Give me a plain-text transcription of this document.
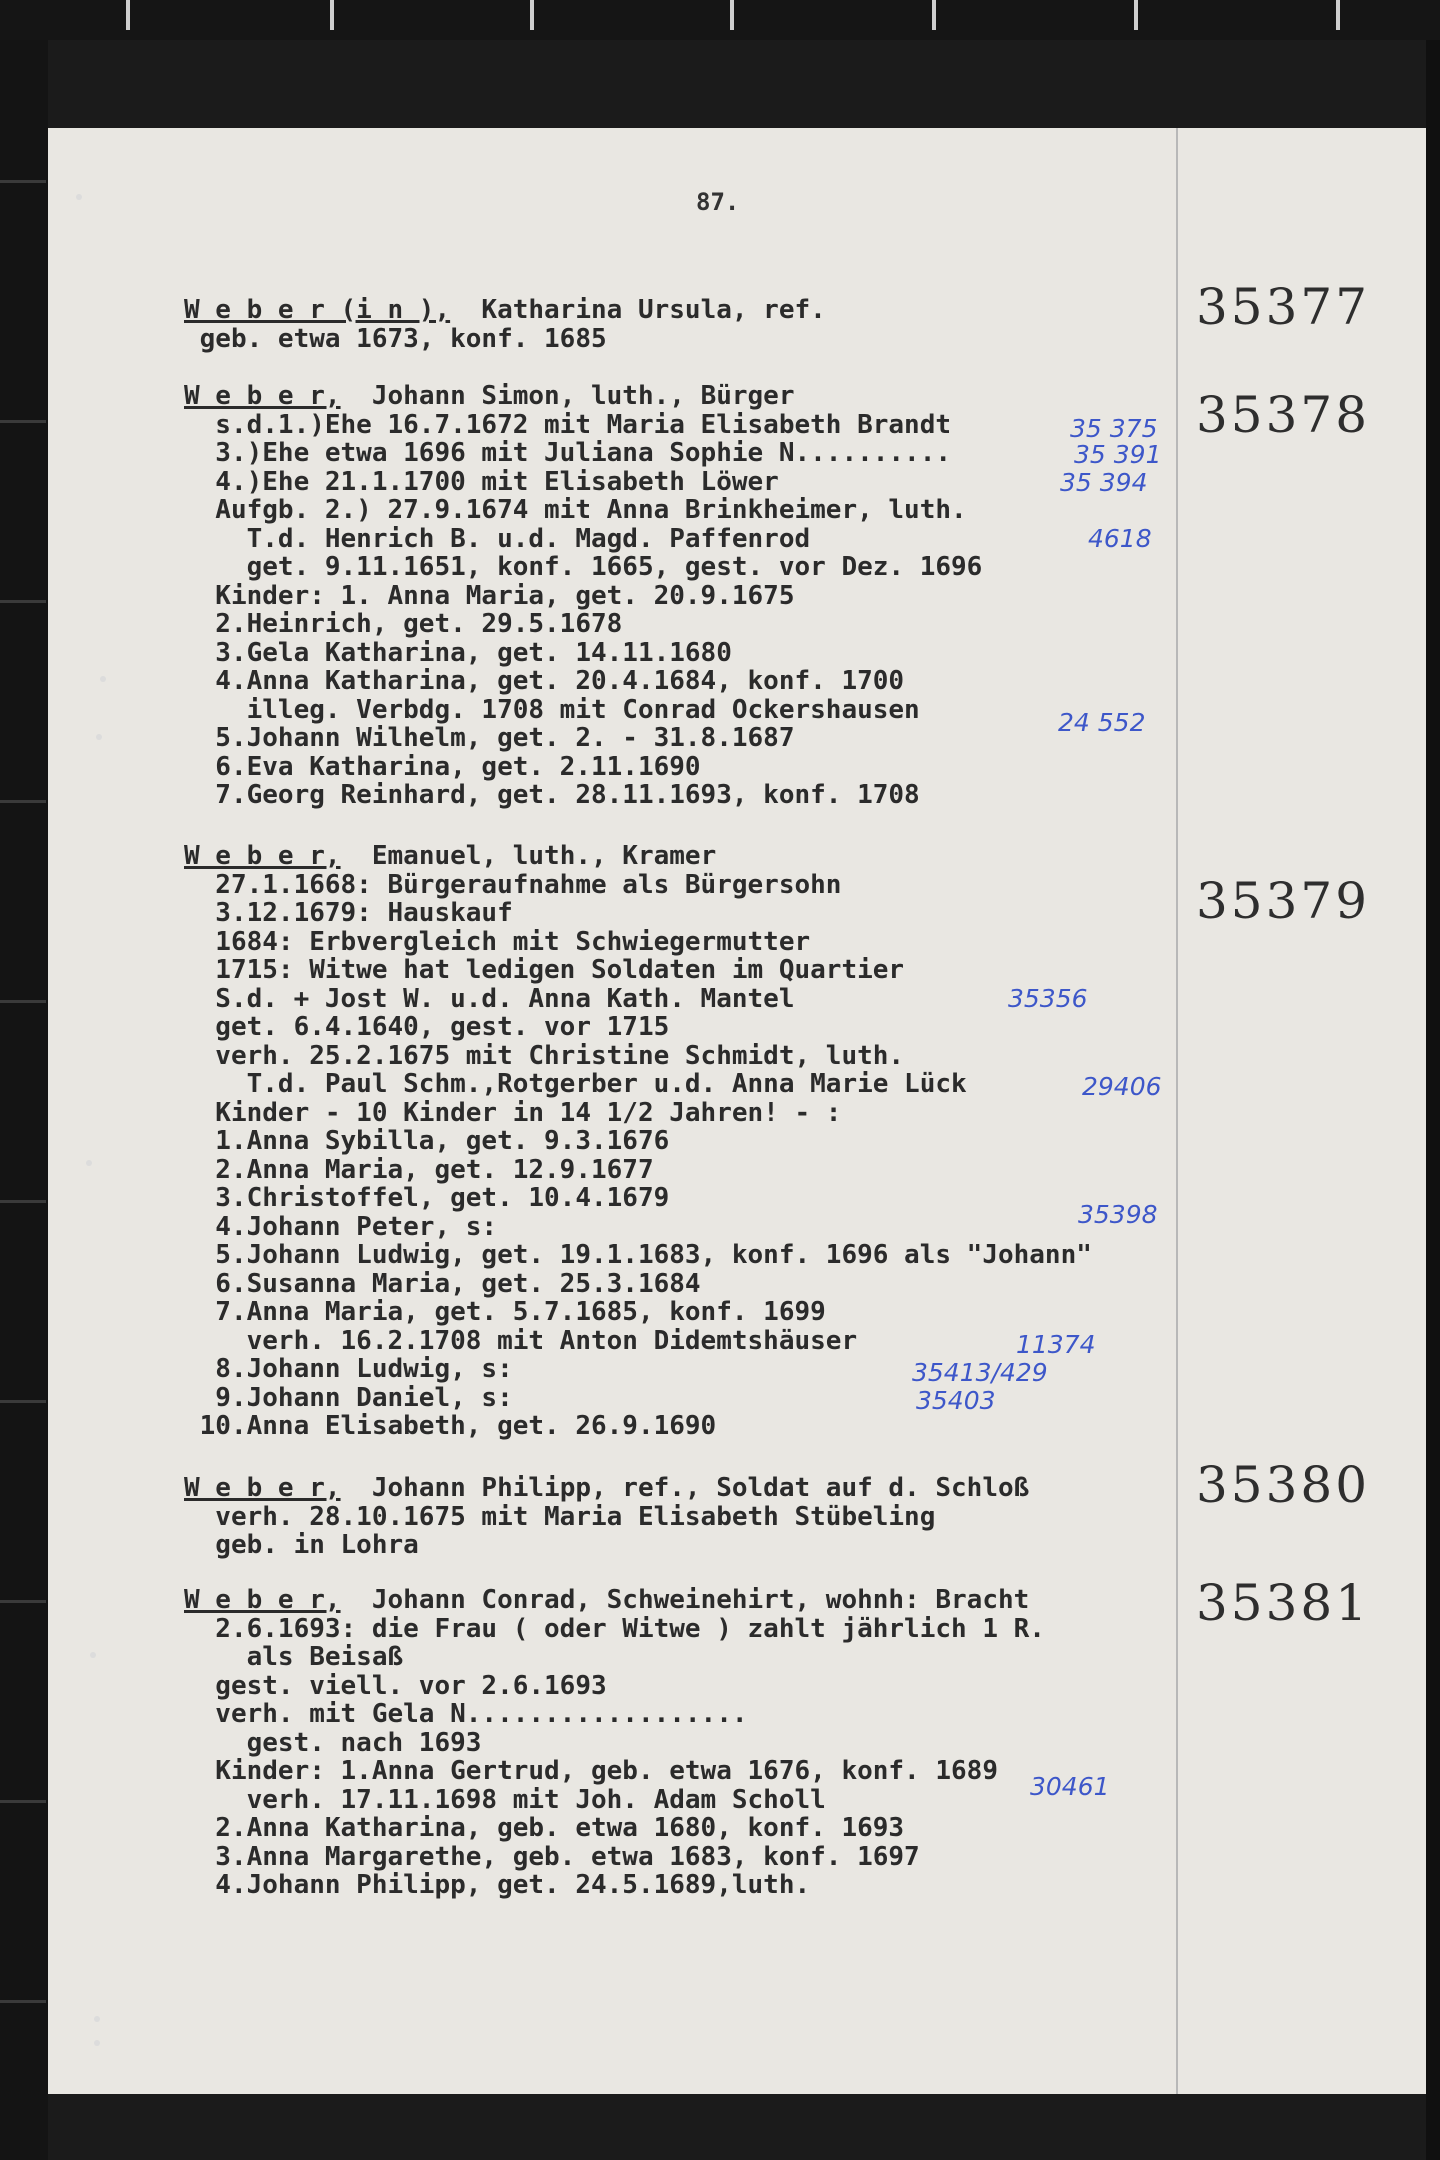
87.
W e b e r (i n ),  Katharina Ursula, ref.
geb. etwa 1673, konf. 1685
35377
W e b e r,  Johann Simon, luth., Bürger
s.d.1.)Ehe 16.7.1672 mit Maria Elisabeth Brandt
3.)Ehe etwa 1696 mit Juliana Sophie N..........
4.)Ehe 21.1.1700 mit Elisabeth Löwer
Aufgb. 2.) 27.9.1674 mit Anna Brinkheimer, luth.
T.d. Henrich B. u.d. Magd. Paffenrod
get. 9.11.1651, konf. 1665, gest. vor Dez. 1696
Kinder: 1. Anna Maria, get. 20.9.1675
2.Heinrich, get. 29.5.1678
3.Gela Katharina, get. 14.11.1680
4.Anna Katharina, get. 20.4.1684, konf. 1700
illeg. Verbdg. 1708 mit Conrad Ockershausen
5.Johann Wilhelm, get. 2. - 31.8.1687
6.Eva Katharina, get. 2.11.1690
7.Georg Reinhard, get. 28.11.1693, konf. 1708
35378
35 375
35 391
35 394
4618
24 552
W e b e r,  Emanuel, luth., Kramer
27.1.1668: Bürgeraufnahme als Bürgersohn
3.12.1679: Hauskauf
1684: Erbvergleich mit Schwiegermutter
1715: Witwe hat ledigen Soldaten im Quartier
S.d. + Jost W. u.d. Anna Kath. Mantel
get. 6.4.1640, gest. vor 1715
verh. 25.2.1675 mit Christine Schmidt, luth.
T.d. Paul Schm.,Rotgerber u.d. Anna Marie Lück
Kinder - 10 Kinder in 14 1/2 Jahren! - :
1.Anna Sybilla, get. 9.3.1676
2.Anna Maria, get. 12.9.1677
3.Christoffel, get. 10.4.1679
4.Johann Peter, s:
5.Johann Ludwig, get. 19.1.1683, konf. 1696 als "Johann"
6.Susanna Maria, get. 25.3.1684
7.Anna Maria, get. 5.7.1685, konf. 1699
verh. 16.2.1708 mit Anton Didemtshäuser
8.Johann Ludwig, s:
9.Johann Daniel, s:
10.Anna Elisabeth, get. 26.9.1690
35379
35356
29406
35398
11374
35413/429
35403
W e b e r,  Johann Philipp, ref., Soldat auf d. Schloß
verh. 28.10.1675 mit Maria Elisabeth Stübeling
geb. in Lohra
35380
W e b e r,  Johann Conrad, Schweinehirt, wohnh: Bracht
2.6.1693: die Frau ( oder Witwe ) zahlt jährlich 1 R.
als Beisaß
gest. viell. vor 2.6.1693
verh. mit Gela N..................
gest. nach 1693
Kinder: 1.Anna Gertrud, geb. etwa 1676, konf. 1689
verh. 17.11.1698 mit Joh. Adam Scholl
2.Anna Katharina, geb. etwa 1680, konf. 1693
3.Anna Margarethe, geb. etwa 1683, konf. 1697
4.Johann Philipp, get. 24.5.1689,luth.
35381
30461
